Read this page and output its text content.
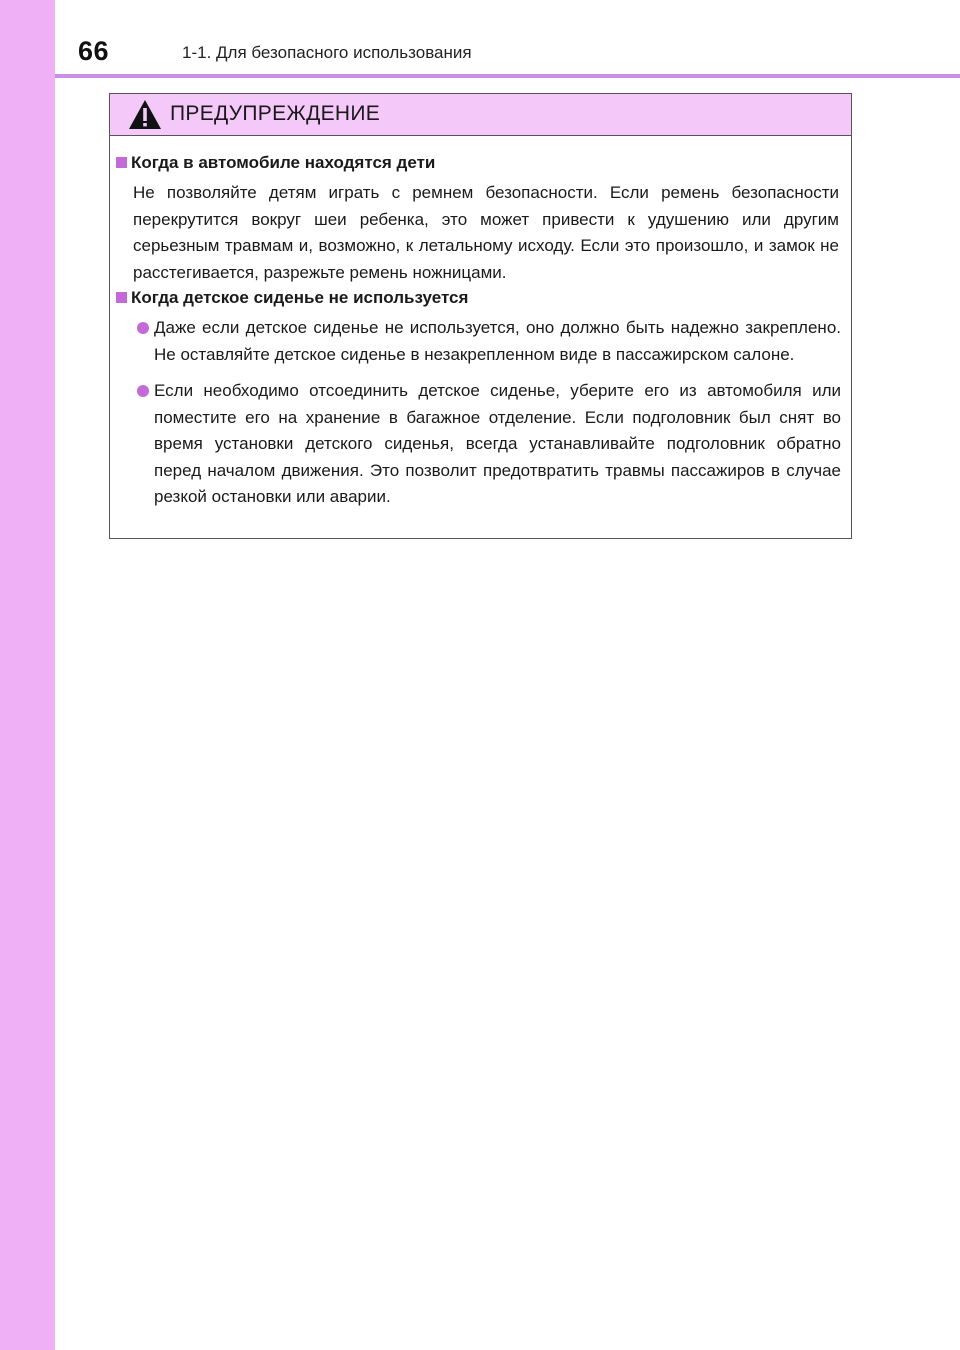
66	1-1. Для безопасного использования
ПРЕДУПРЕЖДЕНИЕ
Когда в автомобиле находятся дети
Не позволяйте детям играть с ремнем безопасности. Если ремень безопасности перекрутится вокруг шеи ребенка, это может привести к удушению или другим серьезным травмам и, возможно, к летальному исходу. Если это произошло, и замок не расстегивается, разрежьте ремень ножницами.
Когда детское сиденье не используется
Даже если детское сиденье не используется, оно должно быть надежно закреплено. Не оставляйте детское сиденье в незакрепленном виде в пассажирском салоне.
Если необходимо отсоединить детское сиденье, уберите его из автомобиля или поместите его на хранение в багажное отделение. Если подголовник был снят во время установки детского сиденья, всегда устанавливайте подголовник обратно перед началом движения. Это позволит предотвратить травмы пассажиров в случае резкой остановки или аварии.
